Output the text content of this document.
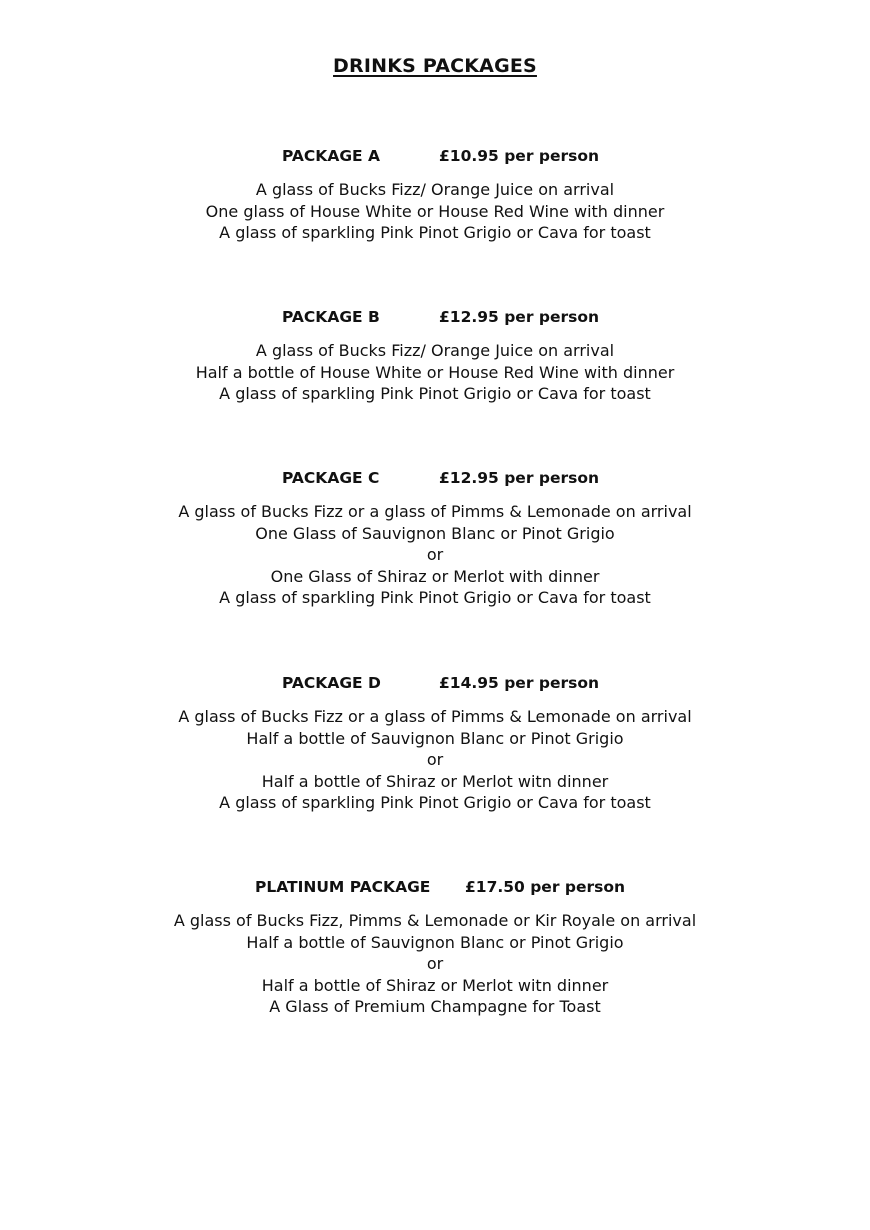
DRINKS PACKAGES
PACKAGE A	£10.95 per person
A glass of Bucks Fizz/ Orange Juice on arrival
One glass of House White or House Red Wine with dinner
A glass of sparkling Pink Pinot Grigio or Cava for toast
PACKAGE B	£12.95 per person
A glass of Bucks Fizz/ Orange Juice on arrival
Half a bottle of House White or House Red Wine with dinner
A glass of sparkling Pink Pinot Grigio or Cava for toast
PACKAGE C	£12.95 per person
A glass of Bucks Fizz or a glass of Pimms & Lemonade on arrival
One Glass of Sauvignon Blanc or Pinot Grigio
or
One Glass of Shiraz or Merlot with dinner
A glass of sparkling Pink Pinot Grigio or Cava for toast
PACKAGE D	£14.95 per person
A glass of Bucks Fizz or a glass of Pimms & Lemonade on arrival
Half a bottle of Sauvignon Blanc or Pinot Grigio
or
Half a bottle of Shiraz or Merlot witn dinner
A glass of sparkling Pink Pinot Grigio or Cava for toast
PLATINUM PACKAGE £17.50 per person
A glass of Bucks Fizz, Pimms & Lemonade or Kir Royale on arrival
Half a bottle of Sauvignon Blanc or Pinot Grigio
or
Half a bottle of Shiraz or Merlot witn dinner
A Glass of Premium Champagne for Toast
